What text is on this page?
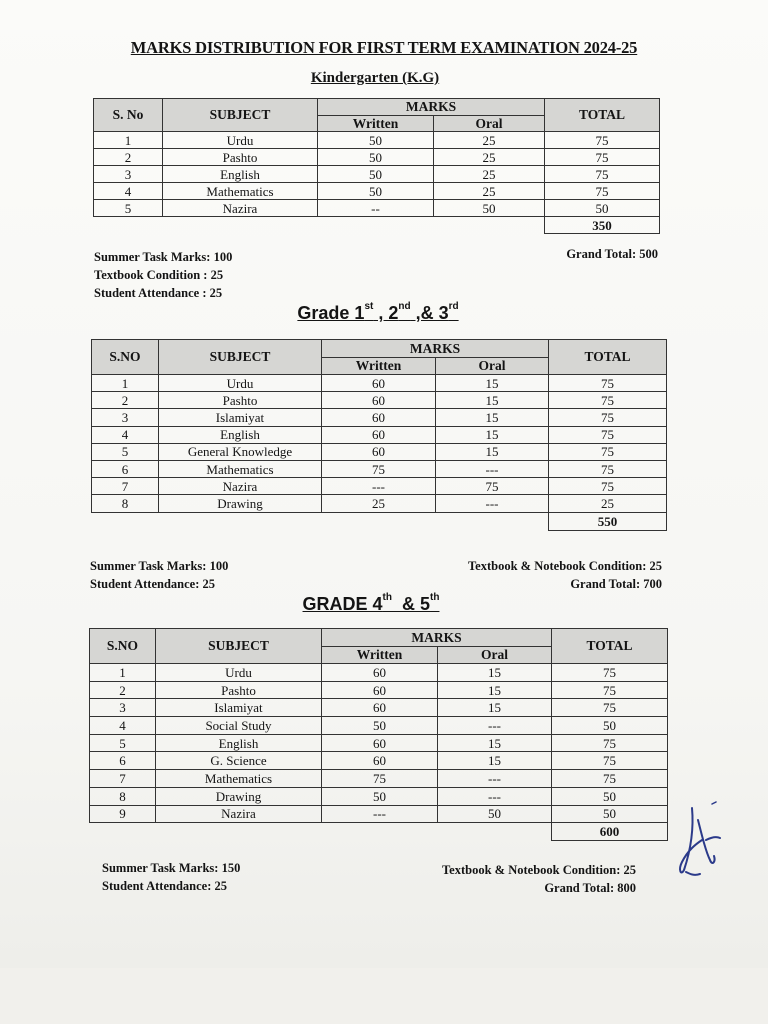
MARKS DISTRIBUTION FOR FIRST TERM EXAMINATION 2024-25
Kindergarten (K.G)
S. No	SUBJECT	MARKS		TOTAL
		Written	Oral	
1	Urdu	50	25	75
2	Pashto	50	25	75
3	English	50	25	75
4	Mathematics	50	25	75
5	Nazira	--	50	50
				350
Summer Task Marks: 100
Textbook Condition : 25
Student Attendance : 25
Grand Total: 500
Grade 1st , 2nd ,& 3rd
S.NO	SUBJECT	MARKS		TOTAL
		Written	Oral	
1	Urdu	60	15	75
2	Pashto	60	15	75
3	Islamiyat	60	15	75
4	English	60	15	75
5	General Knowledge	60	15	75
6	Mathematics	75	---	75
7	Nazira	---	75	75
8	Drawing	25	---	25
				550
Summer Task Marks: 100
Student Attendance: 25
Textbook & Notebook Condition: 25
Grand Total: 700
GRADE 4th  & 5th
S.NO	SUBJECT	MARKS		TOTAL
		Written	Oral	
1	Urdu	60	15	75
2	Pashto	60	15	75
3	Islamiyat	60	15	75
4	Social Study	50	---	50
5	English	60	15	75
6	G. Science	60	15	75
7	Mathematics	75	---	75
8	Drawing	50	---	50
9	Nazira	---	50	50
				600
Summer Task Marks: 150
Student Attendance: 25
Textbook & Notebook Condition: 25
Grand Total: 800
